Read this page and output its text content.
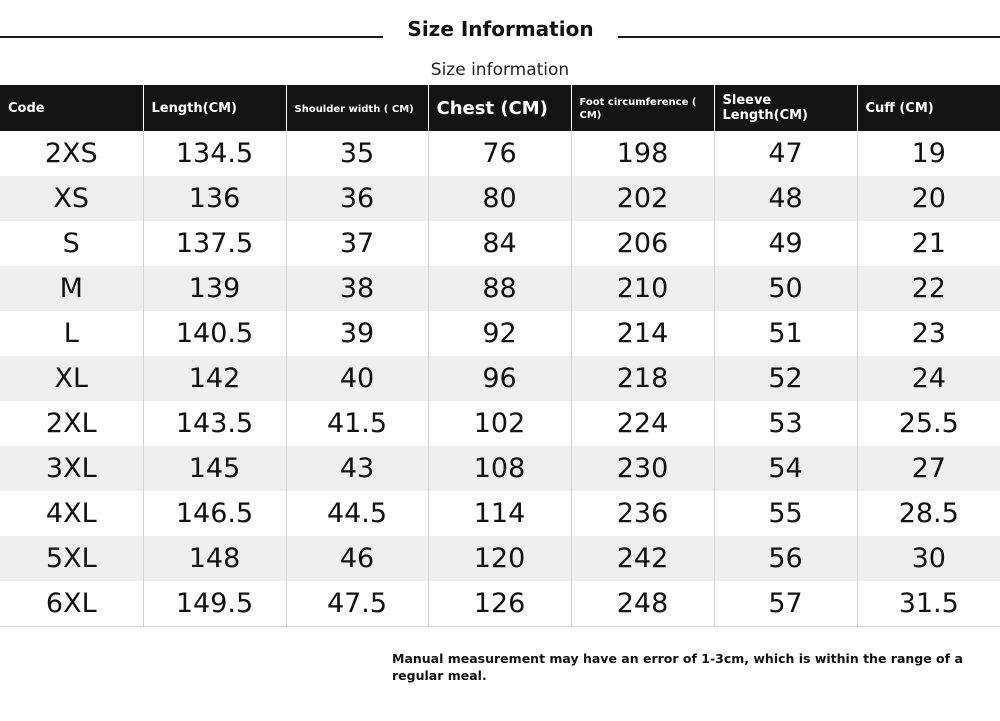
Size Information
Size information
Code	Length(CM)	Shoulder width ( CM)	Chest (CM)	Foot circumference ( CM)	Sleeve Length(CM)	Cuff (CM)
2XS	134.5	35	76	198	47	19
XS	136	36	80	202	48	20
S	137.5	37	84	206	49	21
M	139	38	88	210	50	22
L	140.5	39	92	214	51	23
XL	142	40	96	218	52	24
2XL	143.5	41.5	102	224	53	25.5
3XL	145	43	108	230	54	27
4XL	146.5	44.5	114	236	55	28.5
5XL	148	46	120	242	56	30
6XL	149.5	47.5	126	248	57	31.5
Manual measurement may have an error of 1-3cm, which is within the range of a regular meal.
